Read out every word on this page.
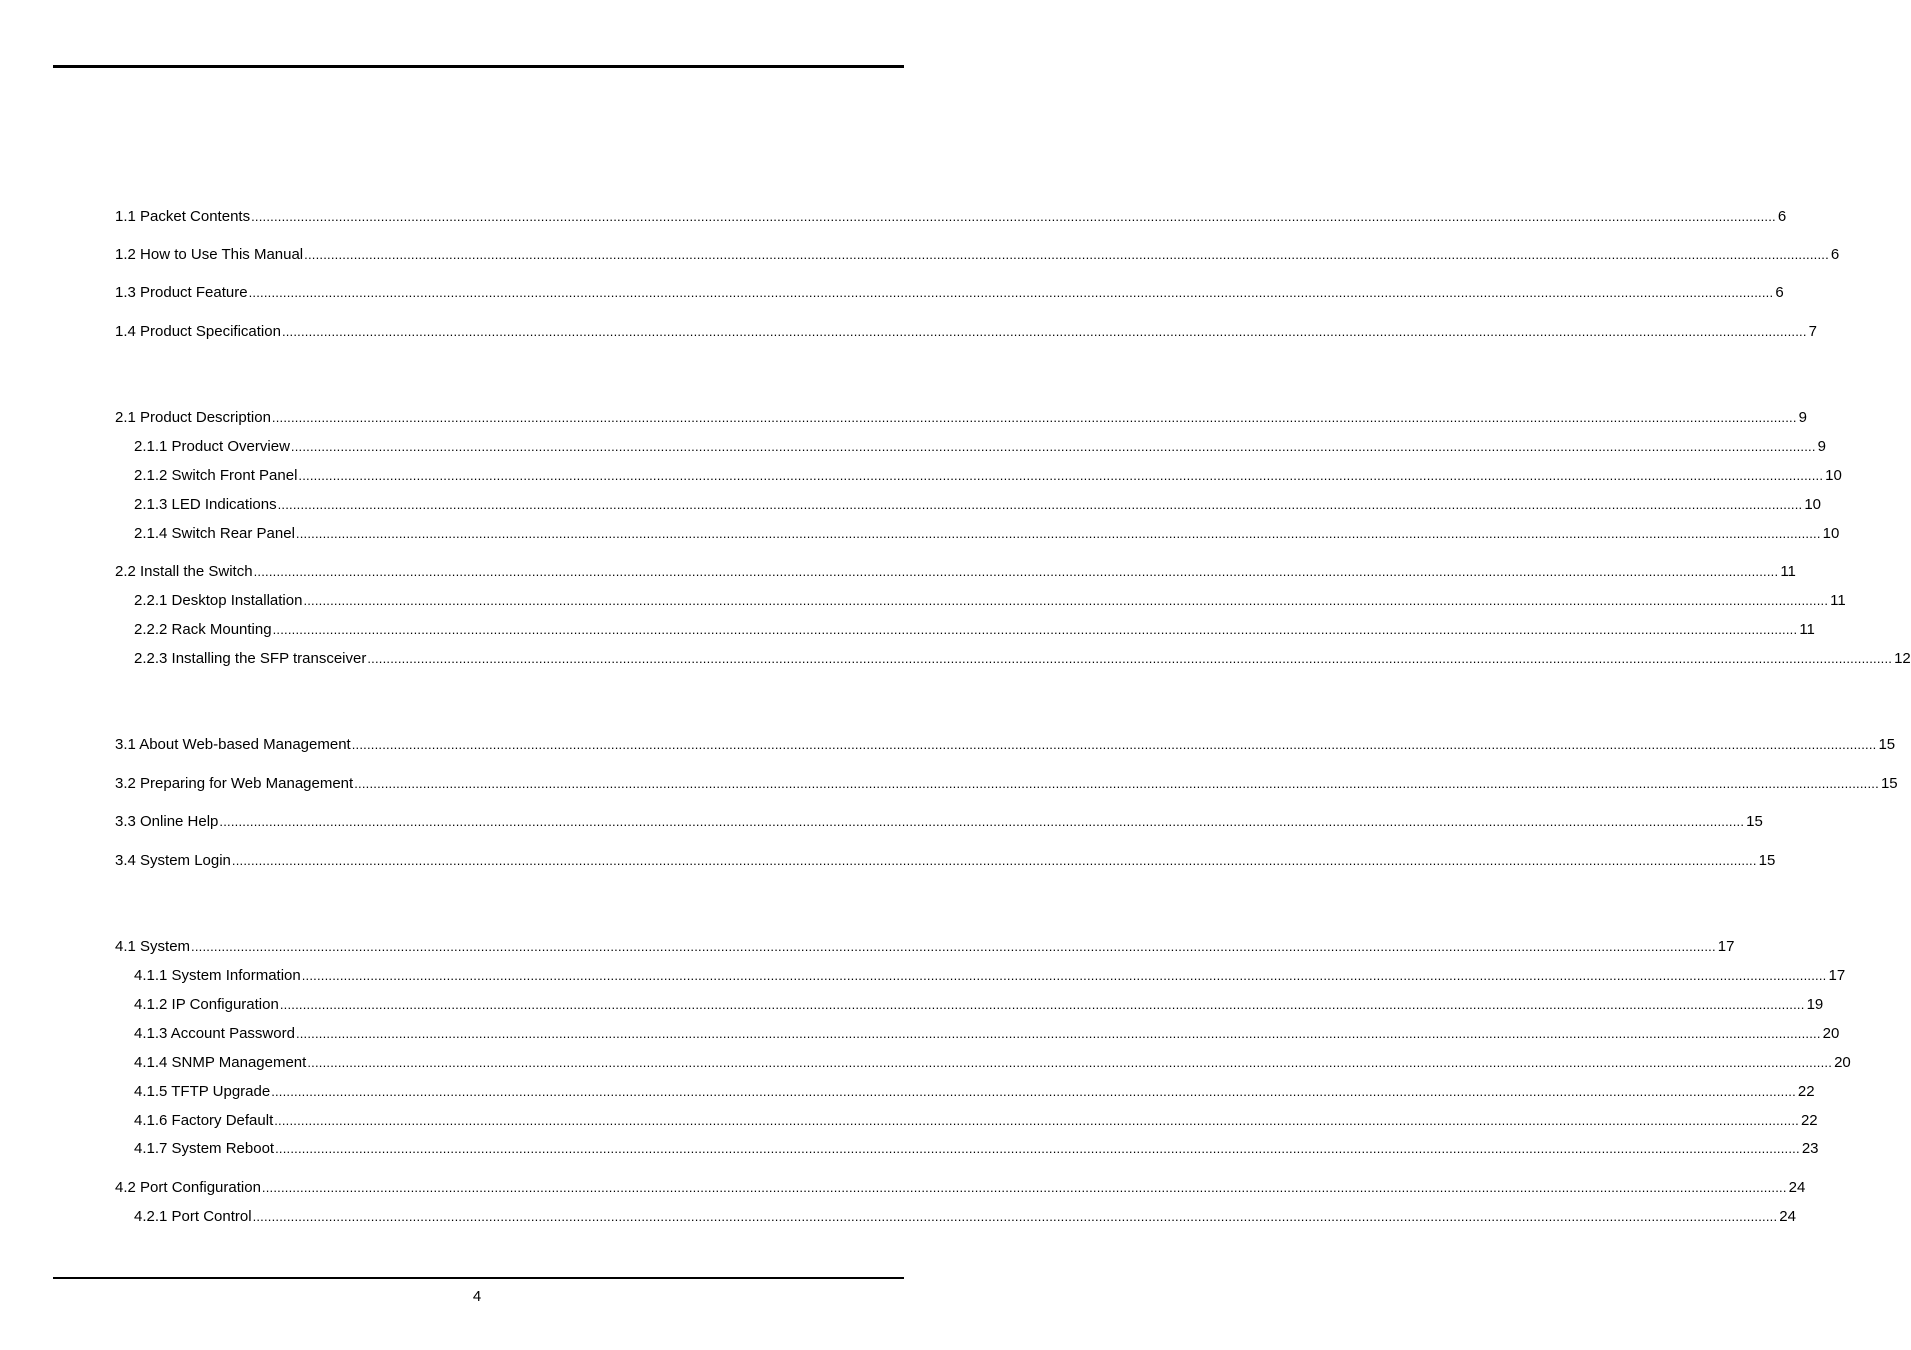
1.1 Packet Contents ................................................................................................................................................................................................................................................................................................................................................................................................................ 6
1.2 How to Use This Manual ................................................................................................................................................................................................................................................................................................................................................................................................................ 6
1.3 Product Feature ................................................................................................................................................................................................................................................................................................................................................................................................................ 6
1.4 Product Specification ................................................................................................................................................................................................................................................................................................................................................................................................................ 7
2.1 Product Description ................................................................................................................................................................................................................................................................................................................................................................................................................ 9
2.1.1 Product Overview ................................................................................................................................................................................................................................................................................................................................................................................................................ 9
2.1.2 Switch Front Panel ................................................................................................................................................................................................................................................................................................................................................................................................................ 10
2.1.3 LED Indications ................................................................................................................................................................................................................................................................................................................................................................................................................ 10
2.1.4 Switch Rear Panel ................................................................................................................................................................................................................................................................................................................................................................................................................ 10
2.2 Install the Switch ................................................................................................................................................................................................................................................................................................................................................................................................................ 11
2.2.1 Desktop Installation ................................................................................................................................................................................................................................................................................................................................................................................................................ 11
2.2.2 Rack Mounting ................................................................................................................................................................................................................................................................................................................................................................................................................ 11
2.2.3 Installing the SFP transceiver ................................................................................................................................................................................................................................................................................................................................................................................................................ 12
3.1 About Web-based Management ................................................................................................................................................................................................................................................................................................................................................................................................................ 15
3.2 Preparing for Web Management ................................................................................................................................................................................................................................................................................................................................................................................................................ 15
3.3 Online Help ................................................................................................................................................................................................................................................................................................................................................................................................................ 15
3.4 System Login ................................................................................................................................................................................................................................................................................................................................................................................................................ 15
4.1 System ................................................................................................................................................................................................................................................................................................................................................................................................................ 17
4.1.1 System Information ................................................................................................................................................................................................................................................................................................................................................................................................................ 17
4.1.2 IP Configuration ................................................................................................................................................................................................................................................................................................................................................................................................................ 19
4.1.3 Account Password ................................................................................................................................................................................................................................................................................................................................................................................................................ 20
4.1.4 SNMP Management ................................................................................................................................................................................................................................................................................................................................................................................................................ 20
4.1.5 TFTP Upgrade ................................................................................................................................................................................................................................................................................................................................................................................................................ 22
4.1.6 Factory Default ................................................................................................................................................................................................................................................................................................................................................................................................................ 22
4.1.7 System Reboot ................................................................................................................................................................................................................................................................................................................................................................................................................ 23
4.2 Port Configuration ................................................................................................................................................................................................................................................................................................................................................................................................................ 24
4.2.1 Port Control ................................................................................................................................................................................................................................................................................................................................................................................................................ 24
4
